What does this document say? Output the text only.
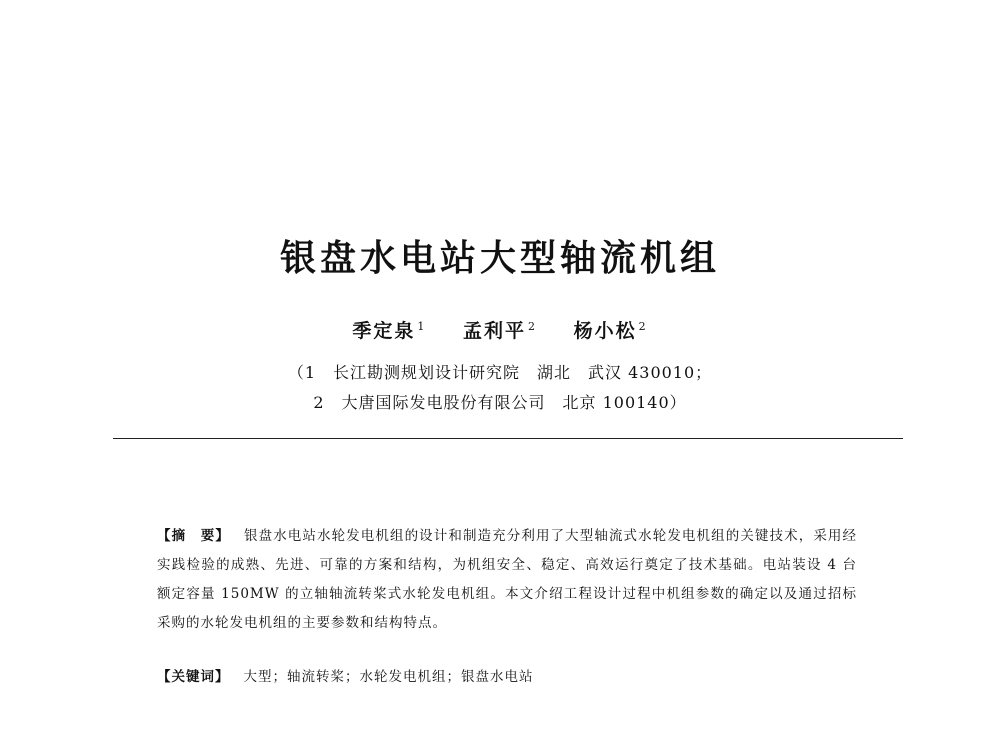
银盘水电站大型轴流机组
季定泉 $^1$ 孟利平 $^2$ 杨小松 $^2$
（1　长江勘测规划设计研究院　湖北　武汉 430010；
2　大唐国际发电股份有限公司　北京 100140）
【摘　要】 银盘水电站水轮发电机组的设计和制造充分利用了大型轴流式水轮发电机组的关键技术，采用经实践检验的成熟、先进、可靠的方案和结构，为机组安全、稳定、高效运行奠定了技术基础。电站装设 4 台额定容量 150MW 的立轴轴流转桨式水轮发电机组。本文介绍工程设计过程中机组参数的确定以及通过招标采购的水轮发电机组的主要参数和结构特点。
【关键词】 大型；轴流转桨；水轮发电机组；银盘水电站
